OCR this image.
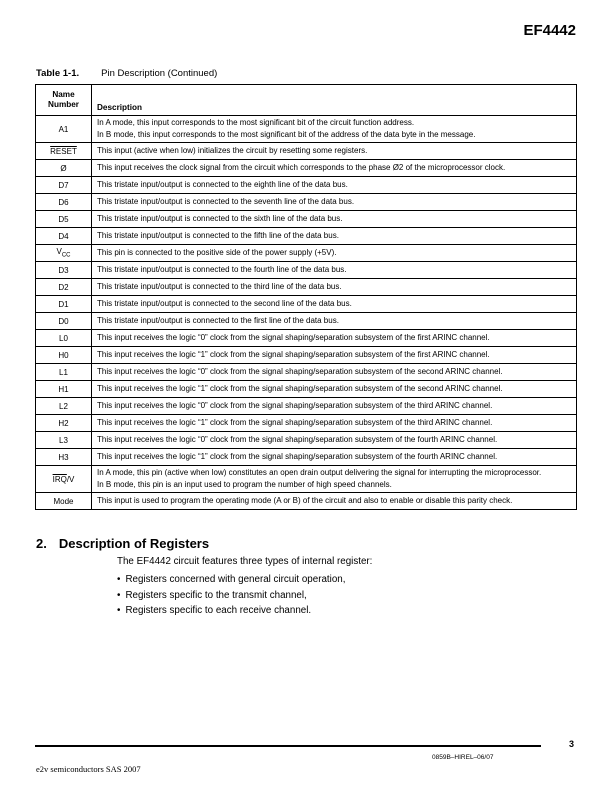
EF4442
Table 1-1. Pin Description (Continued)
Name
Number	Description
A1	In A mode, this input corresponds to the most significant bit of the circuit function address.

In B mode, this input corresponds to the most significant bit of the address of the data byte in the message.

RESET	This input (active when low) initializes the circuit by resetting some registers.

Ø	This input receives the clock signal from the circuit which corresponds to the phase Ø2 of the microprocessor clock.

D7	This tristate input/output is connected to the eighth line of the data bus.

D6	This tristate input/output is connected to the seventh line of the data bus.

D5	This tristate input/output is connected to the sixth line of the data bus.

D4	This tristate input/output is connected to the fifth line of the data bus.

$V_{CC}$	This pin is connected to the positive side of the power supply (+5V).

D3	This tristate input/output is connected to the fourth line of the data bus.

D2	This tristate input/output is connected to the third line of the data bus.

D1	This tristate input/output is connected to the second line of the data bus.

D0	This tristate input/output is connected to the first line of the data bus.

L0	This input receives the logic “0” clock from the signal shaping/separation subsystem of the first ARINC channel.

H0	This input receives the logic “1” clock from the signal shaping/separation subsystem of the first ARINC channel.

L1	This input receives the logic “0” clock from the signal shaping/separation subsystem of the second ARINC channel.

H1	This input receives the logic “1” clock from the signal shaping/separation subsystem of the second ARINC channel.

L2	This input receives the logic “0” clock from the signal shaping/separation subsystem of the third ARINC channel.

H2	This input receives the logic “1” clock from the signal shaping/separation subsystem of the third ARINC channel.

L3	This input receives the logic “0” clock from the signal shaping/separation subsystem of the fourth ARINC channel.

H3	This input receives the logic “1” clock from the signal shaping/separation subsystem of the fourth ARINC channel.

$\overline{IRQ}/V$	In A mode, this pin (active when low) constitutes an open drain output delivering the signal for interrupting the microprocessor.

In B mode, this pin is an input used to program the number of high speed channels.

Mode	This input is used to program the operating mode (A or B) of the circuit and also to enable or disable this parity check.

2. Description of Registers
The EF4442 circuit features three types of internal register:
• Registers concerned with general circuit operation,
• Registers specific to the transmit channel,
• Registers specific to each receive channel.
3
0859B–HIREL–06/07
e2v semiconductors SAS 2007
